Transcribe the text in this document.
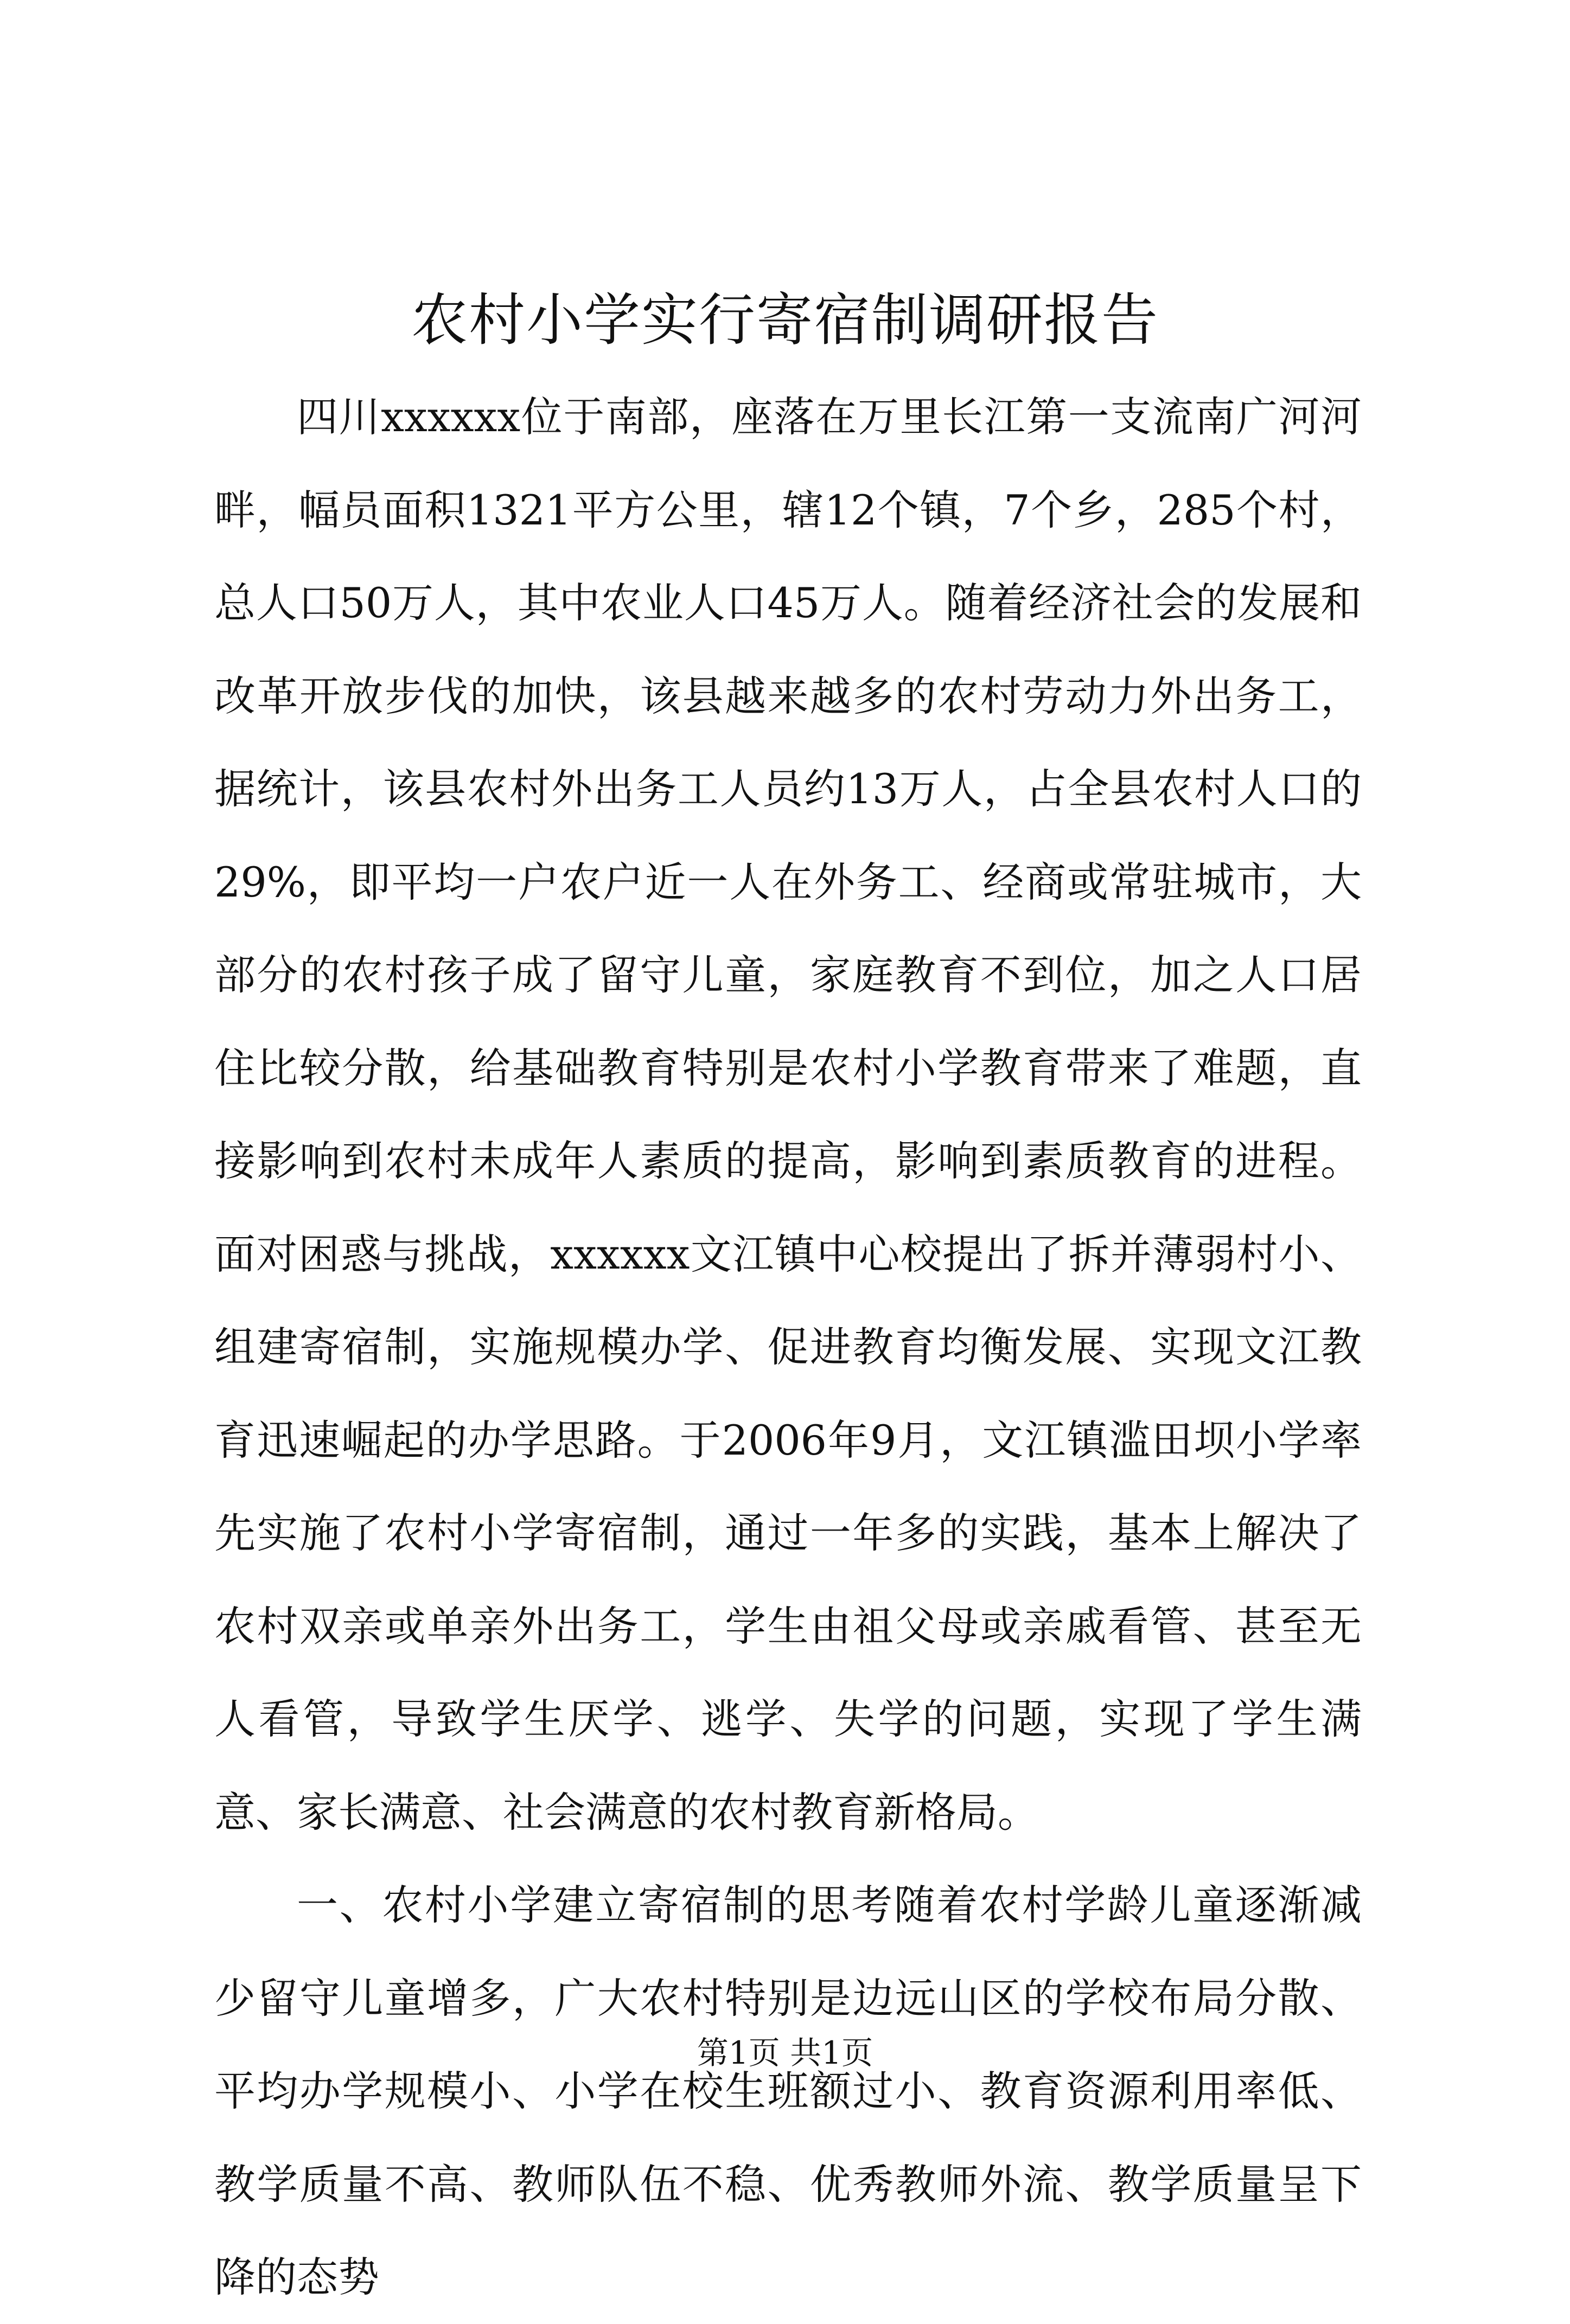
农村小学实行寄宿制调研报告

四川xxxxxx位于南部，座落在万里长江第一支流南广河河畔，幅员面积1321平方公里，辖12个镇，7个乡，285个村，总人口50万人，其中农业人口45万人。随着经济社会的发展和改革开放步伐的加快，该县越来越多的农村劳动力外出务工，据统计，该县农村外出务工人员约13万人，占全县农村人口的29%，即平均一户农户近一人在外务工、经商或常驻城市，大部分的农村孩子成了留守儿童，家庭教育不到位，加之人口居住比较分散，给基础教育特别是农村小学教育带来了难题，直接影响到农村未成年人素质的提高，影响到素质教育的进程。面对困惑与挑战，xxxxxx文江镇中心校提出了拆并薄弱村小、组建寄宿制，实施规模办学、促进教育均衡发展、实现文江教育迅速崛起的办学思路。于2006年9月，文江镇滥田坝小学率先实施了农村小学寄宿制，通过一年多的实践，基本上解决了农村双亲或单亲外出务工，学生由祖父母或亲戚看管、甚至无人看管，导致学生厌学、逃学、失学的问题，实现了学生满意、家长满意、社会满意的农村教育新格局。

一、农村小学建立寄宿制的思考随着农村学龄儿童逐渐减少留守儿童增多，广大农村特别是边远山区的学校布局分散、平均办学规模小、小学在校生班额过小、教育资源利用率低、教学质量不高、教师队伍不稳、优秀教师外流、教学质量呈下降的态势

第1页 共1页
